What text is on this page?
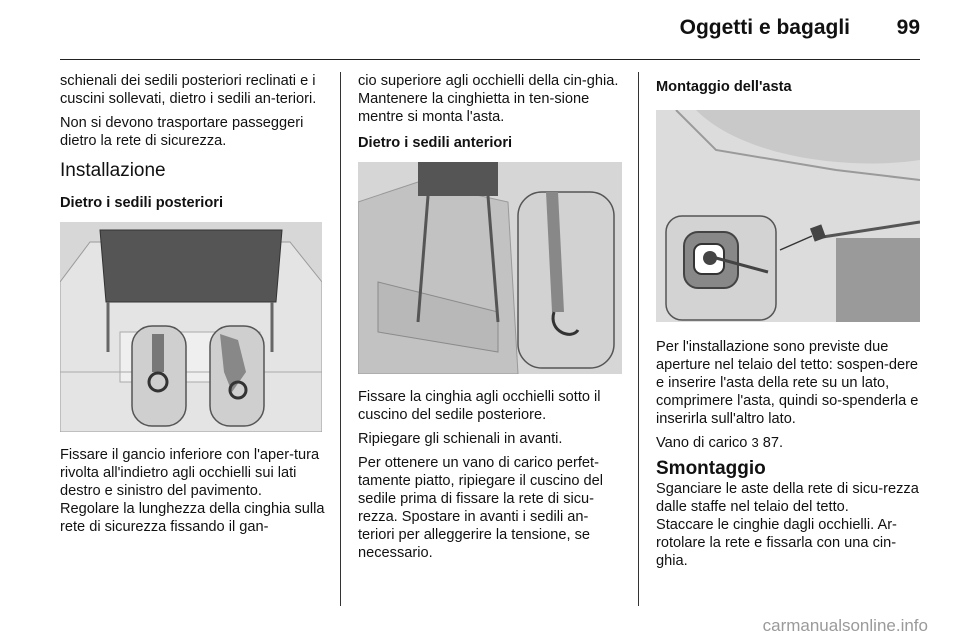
Oggetti e bagagli	99

schienali dei sedili posteriori reclinati e i cuscini sollevati, dietro i sedili an-teriori.

Non si devono trasportare passeggeri dietro la rete di sicurezza.

Installazione
Dietro i sedili posteriori

Fissare il gancio inferiore con l'aper-tura rivolta all'indietro agli occhielli sui lati destro e sinistro del pavimento.

Regolare la lunghezza della cinghia sulla rete di sicurezza fissando il gan-

cio superiore agli occhielli della cin-ghia. Mantenere la cinghietta in ten-sione mentre si monta l'asta.

Dietro i sedili anteriori

Fissare la cinghia agli occhielli sotto il cuscino del sedile posteriore.

Ripiegare gli schienali in avanti.

Per ottenere un vano di carico perfet-tamente piatto, ripiegare il cuscino del sedile prima di fissare la rete di sicu-rezza. Spostare in avanti i sedili an-teriori per alleggerire la tensione, se necessario.

Montaggio dell'asta

Per l'installazione sono previste due aperture nel telaio del tetto: sospen-dere e inserire l'asta della rete su un lato, comprimere l'asta, quindi so-spenderla e inserirla sull'altro lato.

Vano di carico 3 87.

Smontaggio

Sganciare le aste della rete di sicu-rezza dalle staffe nel telaio del tetto.

Staccare le cinghie dagli occhielli. Ar-rotolare la rete e fissarla con una cin-ghia.

carmanualsonline.info
